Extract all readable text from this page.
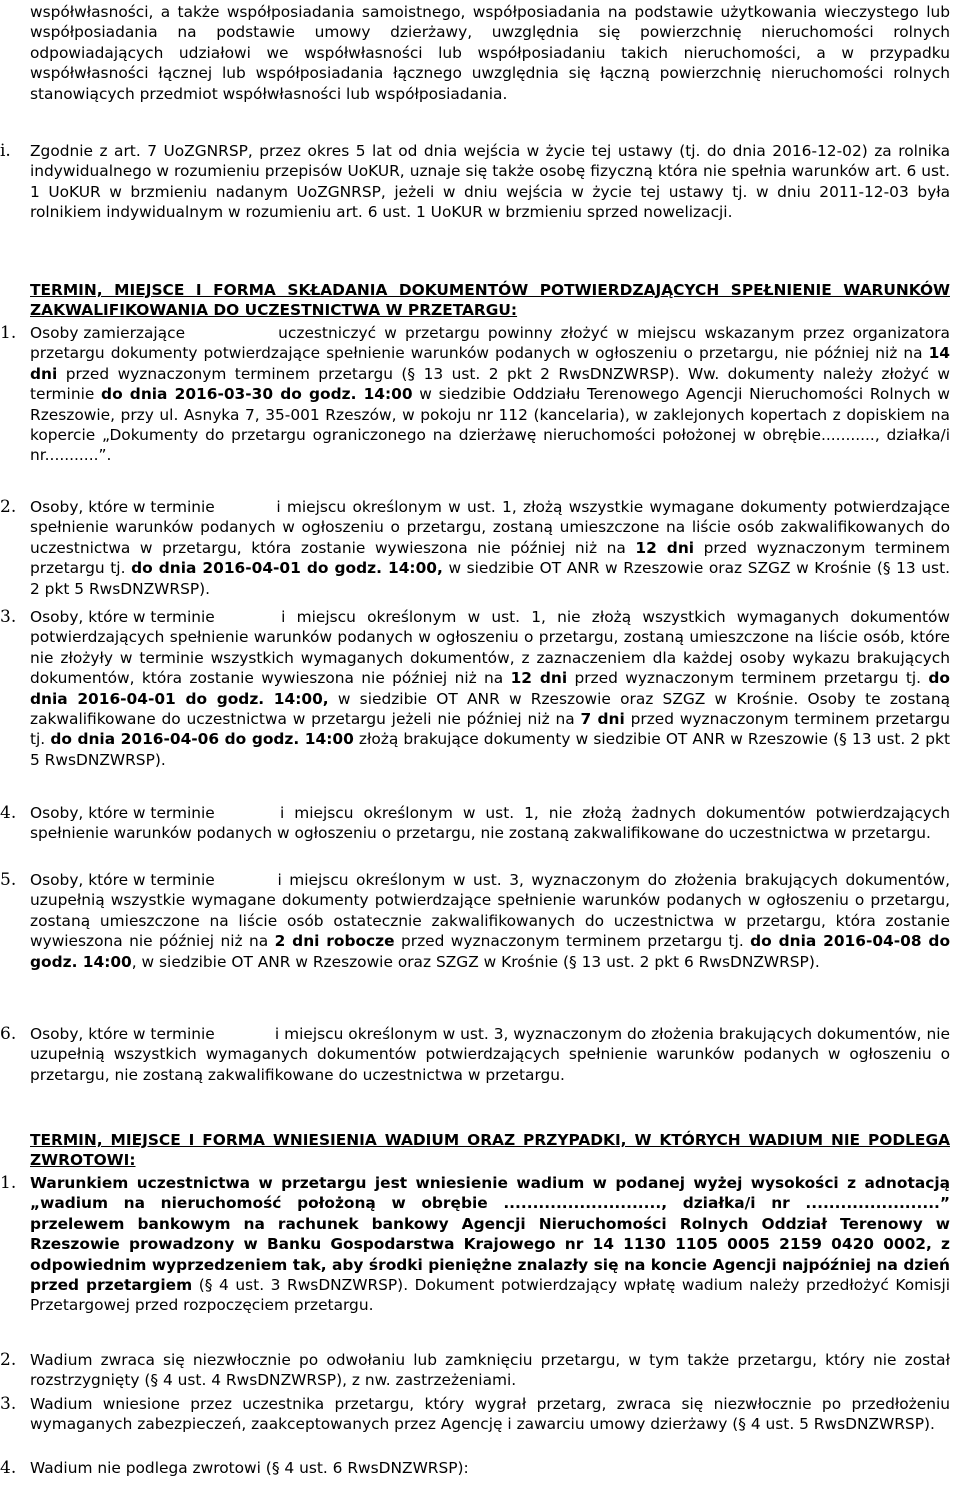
współwłasności, a także współposiadania samoistnego, współposiadania na podstawie użytkowania wieczystego lub współposiadania na podstawie umowy dzierżawy, uwzględnia się powierzchnię nieruchomości rolnych odpowiadających udziałowi we współwłasności lub współposiadaniu takich nieruchomości, a w przypadku współwłasności łącznej lub współposiadania łącznego uwzględnia się łączną powierzchnię nieruchomości rolnych stanowiących przedmiot współwłasności lub współposiadania.

i. Zgodnie z art. 7 UoZGNRSP, przez okres 5 lat od dnia wejścia w życie tej ustawy (tj. do dnia 2016-12-02) za rolnika indywidualnego w rozumieniu przepisów UoKUR, uznaje się także osobę fizyczną która nie spełnia warunków art. 6 ust. 1 UoKUR w brzmieniu nadanym UoZGNRSP, jeżeli w dniu wejścia w życie tej ustawy tj. w dniu 2011-12-03 była rolnikiem indywidualnym w rozumieniu art. 6 ust. 1 UoKUR w brzmieniu sprzed nowelizacji.

TERMIN, MIEJSCE I FORMA SKŁADANIA DOKUMENTÓW POTWIERDZAJĄCYCH SPEŁNIENIE WARUNKÓW ZAKWALIFIKOWANIA DO UCZESTNICTWA W PRZETARGU:

1. Osoby zamierzające	uczestniczyć w przetargu powinny złożyć w miejscu wskazanym przez organizatora przetargu dokumenty potwierdzające spełnienie warunków podanych w ogłoszeniu o przetargu, nie później niż na 14 dni przed wyznaczonym terminem przetargu (§ 13 ust. 2 pkt 2 RwsDNZWRSP). Ww. dokumenty należy złożyć w terminie do dnia 2016-03-30 do godz. 14:00 w siedzibie Oddziału Terenowego Agencji Nieruchomości Rolnych w Rzeszowie, przy ul. Asnyka 7, 35-001 Rzeszów, w pokoju nr 112 (kancelaria), w zaklejonych kopertach z dopiskiem na kopercie „Dokumenty do przetargu ograniczonego na dzierżawę nieruchomości położonej w obrębie..........., działka/i nr...........”.

2. Osoby, które w terminie	i miejscu określonym w ust. 1, złożą wszystkie wymagane dokumenty potwierdzające spełnienie warunków podanych w ogłoszeniu o przetargu, zostaną umieszczone na liście osób zakwalifikowanych do uczestnictwa w przetargu, która zostanie wywieszona nie później niż na 12 dni przed wyznaczonym terminem przetargu tj. do dnia 2016-04-01 do godz. 14:00, w siedzibie OT ANR w Rzeszowie oraz SZGZ w Krośnie (§ 13 ust. 2 pkt 5 RwsDNZWRSP).

3. Osoby, które w terminie	i miejscu określonym w ust. 1, nie złożą wszystkich wymaganych dokumentów potwierdzających spełnienie warunków podanych w ogłoszeniu o przetargu, zostaną umieszczone na liście osób, które nie złożyły w terminie wszystkich wymaganych dokumentów, z zaznaczeniem dla każdej osoby wykazu brakujących dokumentów, która zostanie wywieszona nie później niż na 12 dni przed wyznaczonym terminem przetargu tj. do dnia 2016-04-01 do godz. 14:00, w siedzibie OT ANR w Rzeszowie oraz SZGZ w Krośnie. Osoby te zostaną zakwalifikowane do uczestnictwa w przetargu jeżeli nie później niż na 7 dni przed wyznaczonym terminem przetargu tj. do dnia 2016-04-06 do godz. 14:00 złożą brakujące dokumenty w siedzibie OT ANR w Rzeszowie (§ 13 ust. 2 pkt 5 RwsDNZWRSP).

4. Osoby, które w terminie	i miejscu określonym w ust. 1, nie złożą żadnych dokumentów potwierdzających spełnienie warunków podanych w ogłoszeniu o przetargu, nie zostaną zakwalifikowane do uczestnictwa w przetargu.

5. Osoby, które w terminie	i miejscu określonym w ust. 3, wyznaczonym do złożenia brakujących dokumentów, uzupełnią wszystkie wymagane dokumenty potwierdzające spełnienie warunków podanych w ogłoszeniu o przetargu, zostaną umieszczone na liście osób ostatecznie zakwalifikowanych do uczestnictwa w przetargu, która zostanie wywieszona nie później niż na 2 dni robocze przed wyznaczonym terminem przetargu tj. do dnia 2016-04-08 do godz. 14:00, w siedzibie OT ANR w Rzeszowie oraz SZGZ w Krośnie (§ 13 ust. 2 pkt 6 RwsDNZWRSP).

6. Osoby, które w terminie	i miejscu określonym w ust. 3, wyznaczonym do złożenia brakujących dokumentów, nie uzupełnią wszystkich wymaganych dokumentów potwierdzających spełnienie warunków podanych w ogłoszeniu o przetargu, nie zostaną zakwalifikowane do uczestnictwa w przetargu.

TERMIN, MIEJSCE I FORMA WNIESIENIA WADIUM ORAZ PRZYPADKI, W KTÓRYCH WADIUM NIE PODLEGA ZWROTOWI:

1. Warunkiem uczestnictwa w przetargu jest wniesienie wadium w podanej wyżej wysokości z adnotacją „wadium na nieruchomość położoną w obrębie ..........................., działka/i nr .......................” przelewem bankowym na rachunek bankowy Agencji Nieruchomości Rolnych Oddział Terenowy w Rzeszowie prowadzony w Banku Gospodarstwa Krajowego nr 14 1130 1105 0005 2159 0420 0002, z odpowiednim wyprzedzeniem tak, aby środki pieniężne znalazły się na koncie Agencji najpóźniej na dzień przed przetargiem (§ 4 ust. 3 RwsDNZWRSP). Dokument potwierdzający wpłatę wadium należy przedłożyć Komisji Przetargowej przed rozpoczęciem przetargu.

2. Wadium zwraca się niezwłocznie po odwołaniu lub zamknięciu przetargu, w tym także przetargu, który nie został rozstrzygnięty (§ 4 ust. 4 RwsDNZWRSP), z nw. zastrzeżeniami.

3. Wadium wniesione przez uczestnika przetargu, który wygrał przetarg, zwraca się niezwłocznie po przedłożeniu wymaganych zabezpieczeń, zaakceptowanych przez Agencję i zawarciu umowy dzierżawy (§ 4 ust. 5 RwsDNZWRSP).

4. Wadium nie podlega zwrotowi (§ 4 ust. 6 RwsDNZWRSP):
